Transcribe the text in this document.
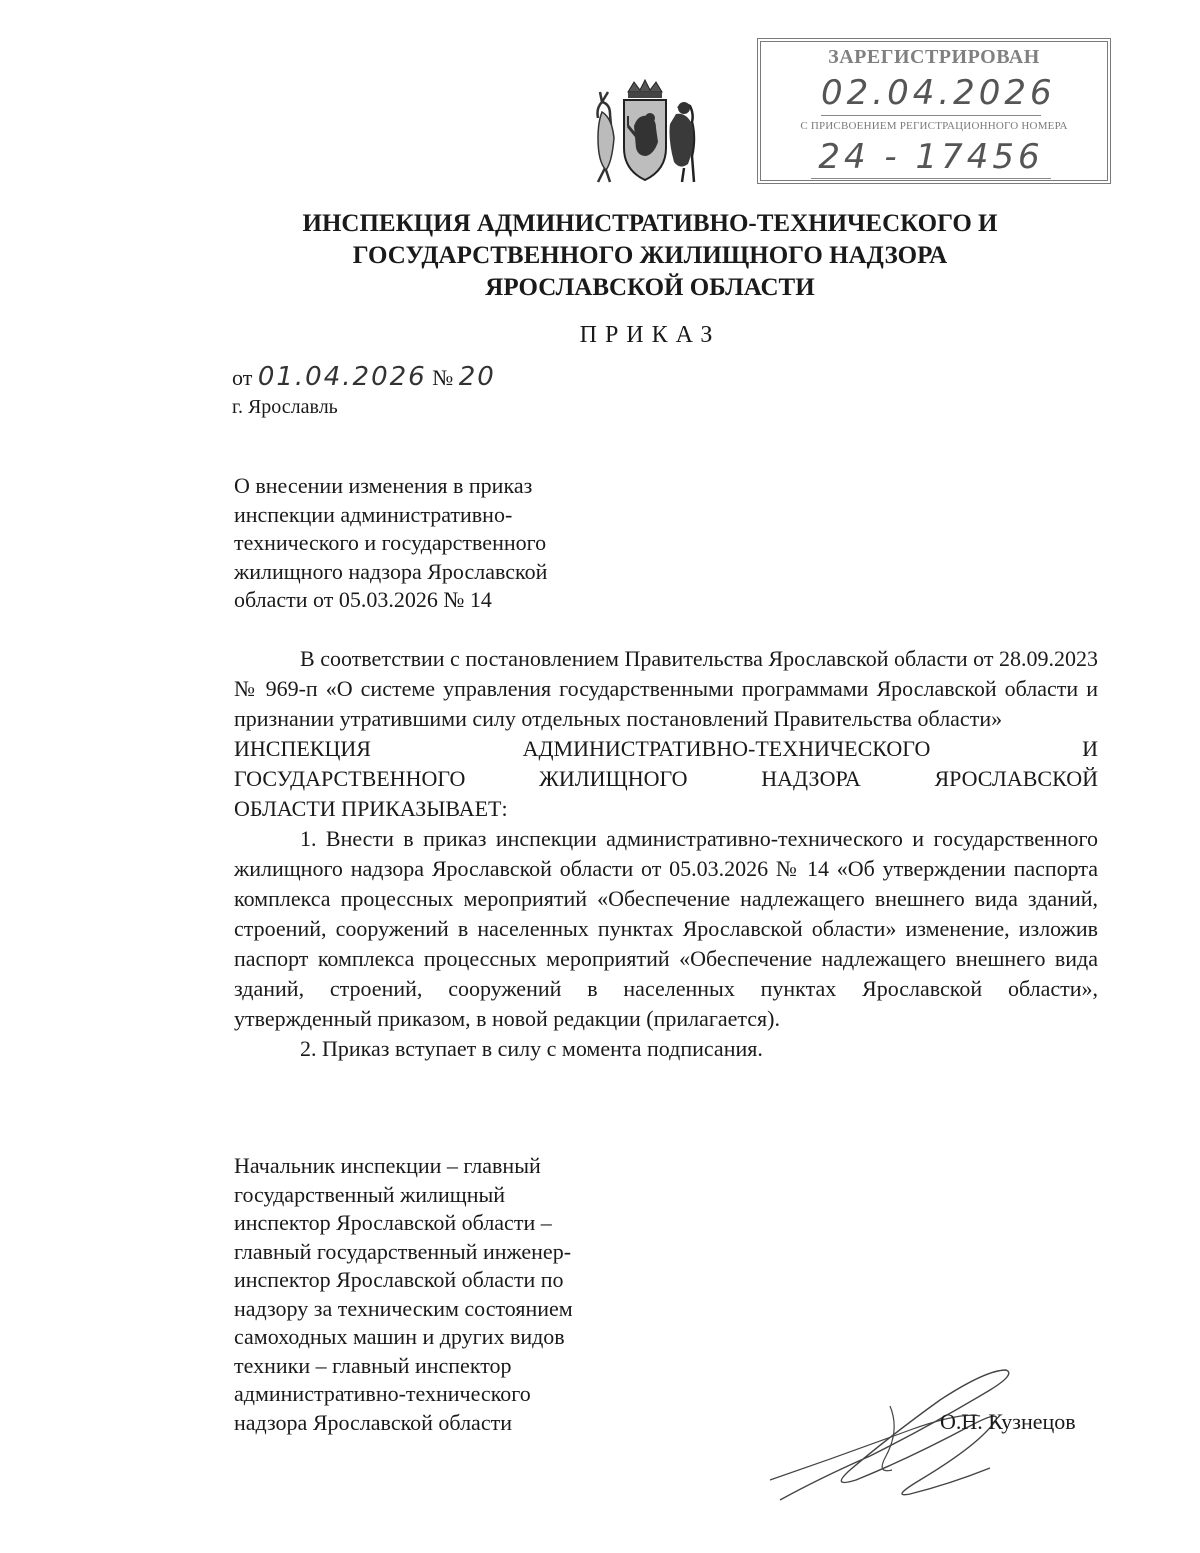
ЗАРЕГИСТРИРОВАН
02.04.2026
С ПРИСВОЕНИЕМ РЕГИСТРАЦИОННОГО НОМЕРА
24 - 17456
ИНСПЕКЦИЯ АДМИНИСТРАТИВНО-ТЕХНИЧЕСКОГО И
ГОСУДАРСТВЕННОГО ЖИЛИЩНОГО НАДЗОРА
ЯРОСЛАВСКОЙ ОБЛАСТИ
ПРИКАЗ
от 01.04.2026 № 20
г. Ярославль
О внесении изменения в приказ
инспекции административно-
технического и государственного
жилищного надзора Ярославской
области от 05.03.2026 № 14

В соответствии с постановлением Правительства Ярославской области от 28.09.2023 № 969-п «О системе управления государственными программами Ярославской области и признании утратившими силу отдельных постановлений Правительства области»

ИНСПЕКЦИЯ АДМИНИСТРАТИВНО-ТЕХНИЧЕСКОГО И

ГОСУДАРСТВЕННОГО ЖИЛИЩНОГО НАДЗОРА ЯРОСЛАВСКОЙ

ОБЛАСТИ ПРИКАЗЫВАЕТ:

1. Внести в приказ инспекции административно-технического и государственного жилищного надзора Ярославской области от 05.03.2026 № 14 «Об утверждении паспорта комплекса процессных мероприятий «Обеспечение надлежащего внешнего вида зданий, строений, сооружений в населенных пунктах Ярославской области» изменение, изложив паспорт комплекса процессных мероприятий «Обеспечение надлежащего внешнего вида зданий, строений, сооружений в населенных пунктах Ярославской области», утвержденный приказом, в новой редакции (прилагается).

2. Приказ вступает в силу с момента подписания.

Начальник инспекции – главный
государственный жилищный
инспектор Ярославской области –
главный государственный инженер-
инспектор Ярославской области по
надзору за техническим состоянием
самоходных машин и других видов
техники – главный инспектор
административно-технического
надзора Ярославской области	О.Н. Кузнецов
